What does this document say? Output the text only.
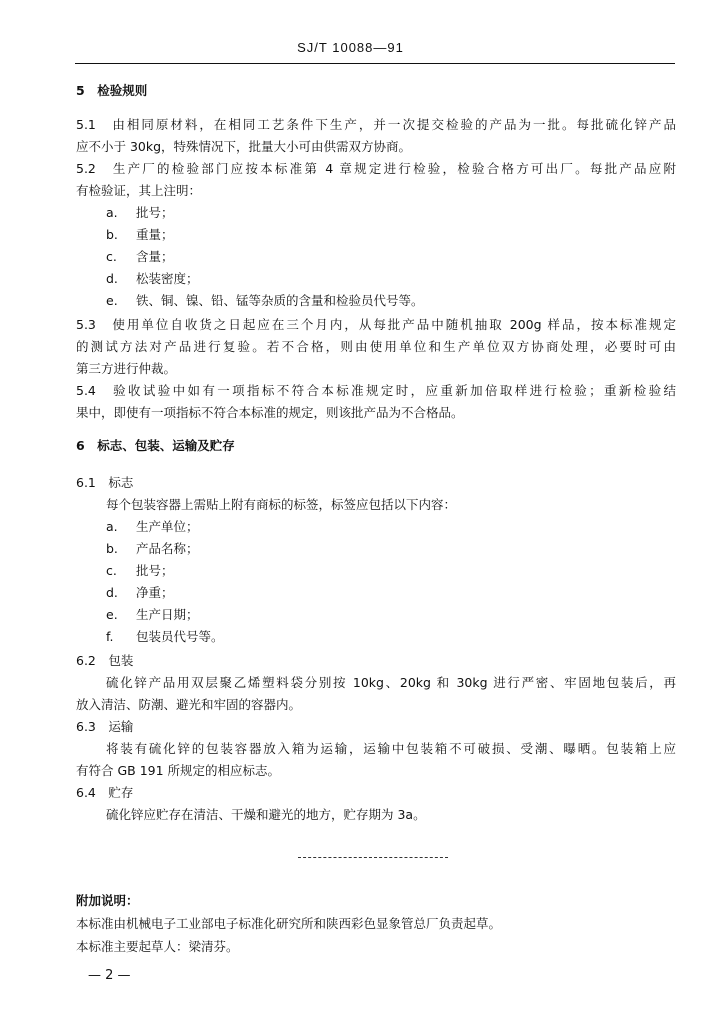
SJ/T 10088—91
5　检验规则
5.1　由相同原材料，在相同工艺条件下生产，并一次提交检验的产品为一批。每批硫化锌产品
应不小于 30kg，特殊情况下，批量大小可由供需双方协商。
5.2　生产厂的检验部门应按本标准第 4 章规定进行检验，检验合格方可出厂。每批产品应附
有检验证，其上注明：
a. 批号；
b. 重量；
c. 含量；
d. 松装密度；
e. 铁、铜、镍、铅、锰等杂质的含量和检验员代号等。
5.3　使用单位自收货之日起应在三个月内，从每批产品中随机抽取 200g 样品，按本标准规定
的测试方法对产品进行复验。若不合格，则由使用单位和生产单位双方协商处理，必要时可由
第三方进行仲裁。
5.4　验收试验中如有一项指标不符合本标准规定时，应重新加倍取样进行检验；重新检验结
果中，即使有一项指标不符合本标准的规定，则该批产品为不合格品。
6　标志、包装、运输及贮存
6.1　标志
每个包装容器上需贴上附有商标的标签，标签应包括以下内容：
a. 生产单位；
b. 产品名称；
c. 批号；
d. 净重；
e. 生产日期；
f. 包装员代号等。
6.2　包装
硫化锌产品用双层聚乙烯塑料袋分别按 10kg、20kg 和 30kg 进行严密、牢固地包装后，再
放入清洁、防潮、避光和牢固的容器内。
6.3　运输
将装有硫化锌的包装容器放入箱为运输，运输中包装箱不可破损、受潮、曝晒。包装箱上应
有符合 GB 191 所规定的相应标志。
6.4　贮存
硫化锌应贮存在清洁、干燥和避光的地方，贮存期为 3a。
附加说明：
本标准由机械电子工业部电子标准化研究所和陕西彩色显象管总厂负责起草。
本标准主要起草人：梁清芬。
— 2 —
